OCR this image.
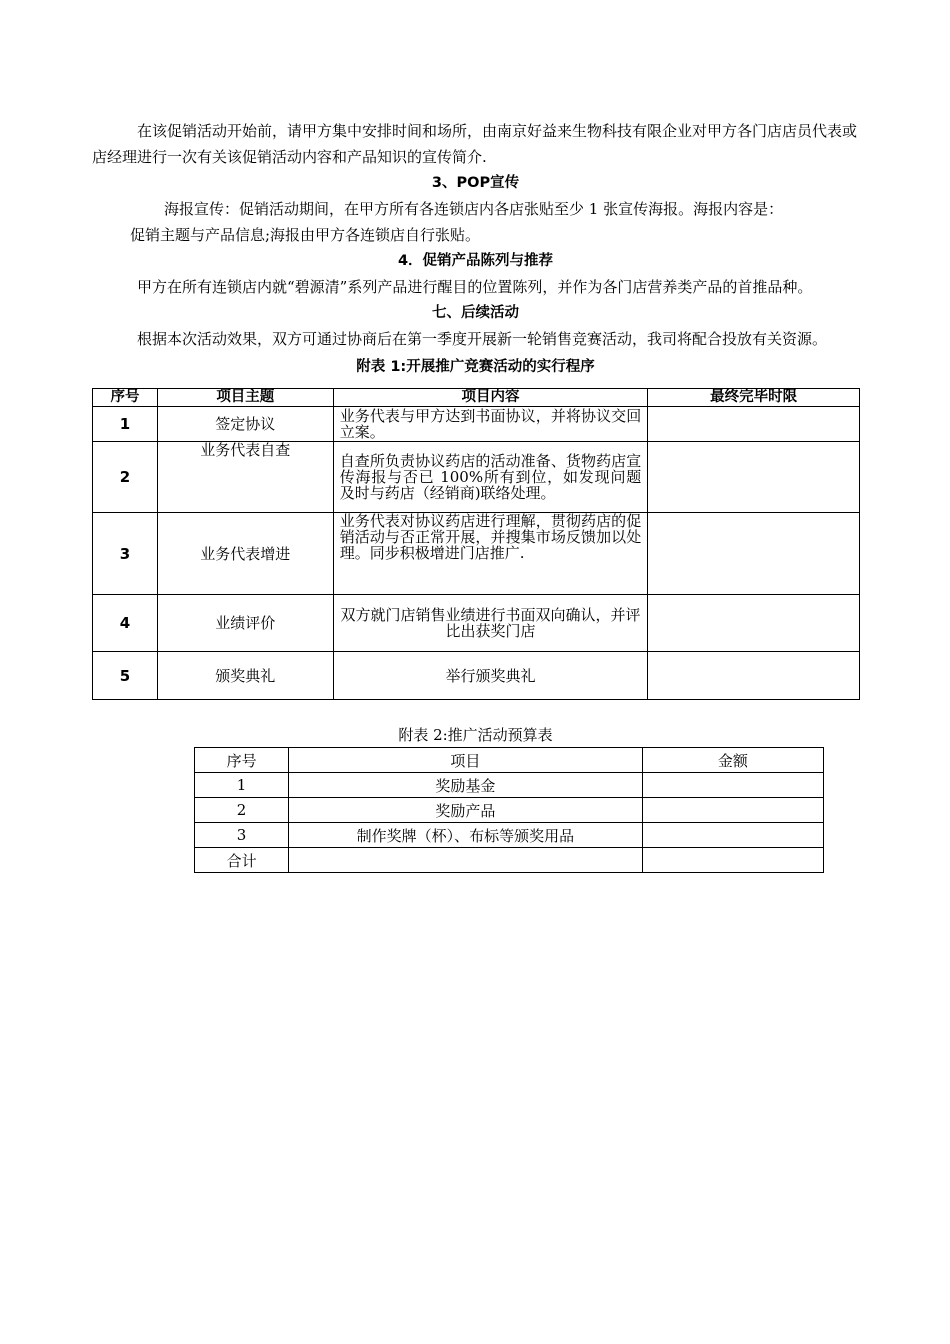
在该促销活动开始前，请甲方集中安排时间和场所，由南京好益来生物科技有限企业对甲方各门店店员代表或店经理进行一次有关该促销活动内容和产品知识的宣传简介.

3、POP宣传

海报宣传：促销活动期间，在甲方所有各连锁店内各店张贴至少 1 张宣传海报。海报内容是：

促销主题与产品信息;海报由甲方各连锁店自行张贴。

4．促销产品陈列与推荐

甲方在所有连锁店内就“碧源清”系列产品进行醒目的位置陈列，并作为各门店营养类产品的首推品种。

七、后续活动

根据本次活动效果，双方可通过协商后在第一季度开展新一轮销售竞赛活动，我司将配合投放有关资源。

附表 1:开展推广竞赛活动的实行程序

序号	项目主题	项目内容	最终完毕时限
1	签定协议	业务代表与甲方达到书面协议，并将协议交回立案。	
2	业务代表自查	自查所负责协议药店的活动准备、货物药店宣传海报与否已 100%所有到位，如发现问题及时与药店（经销商)联络处理。	
3	业务代表增进	业务代表对协议药店进行理解，贯彻药店的促销活动与否正常开展，并搜集市场反馈加以处理。同步积极增进门店推广.	
4	业绩评价	双方就门店销售业绩进行书面双向确认，并评比出获奖门店	
5	颁奖典礼	举行颁奖典礼	

附表 2:推广活动预算表

序号	项目	金额
1	奖励基金	
2	奖励产品	
3	制作奖牌（杯）、布标等颁奖用品	
合计		
